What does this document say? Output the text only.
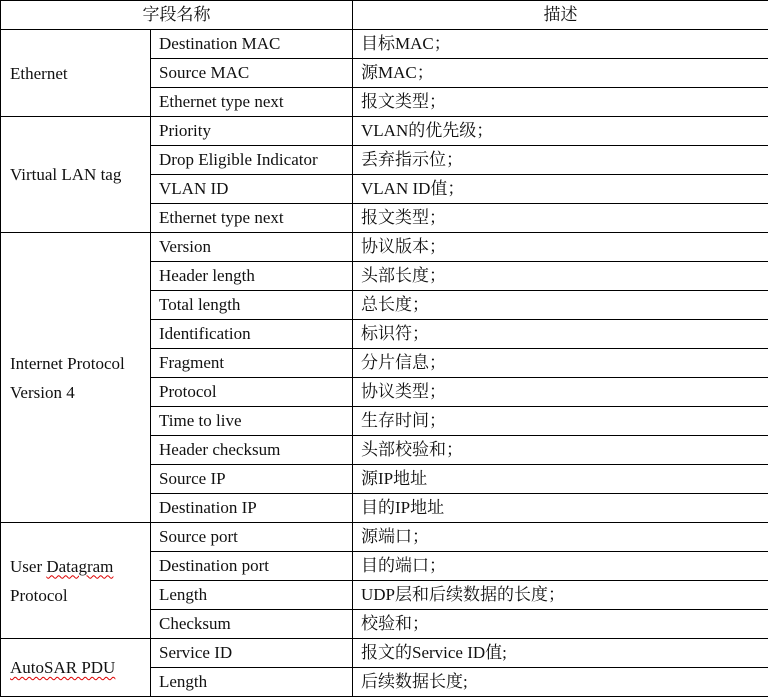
字段名称		描述

Ethernet	Destination MAC	目标MAC；
	Source MAC	源MAC；
	Ethernet type next	报文类型；

Virtual LAN tag	Priority	VLAN的优先级；
	Drop Eligible Indicator	丢弃指示位；
	VLAN ID	VLAN ID值；
	Ethernet type next	报文类型；

Internet Protocol
Version 4	Version	协议版本；
	Header length	头部长度；
	Total length	总长度；
	Identification	标识符；
	Fragment	分片信息；
	Protocol	协议类型；
	Time to live	生存时间；
	Header checksum	头部校验和；
	Source IP	源IP地址
	Destination IP	目的IP地址

User Datagram
Protocol	Source port	源端口；
	Destination port	目的端口；
	Length	UDP层和后续数据的长度；
	Checksum	校验和；

AutoSAR PDU	Service ID	报文的Service ID值;
	Length	后续数据长度;
